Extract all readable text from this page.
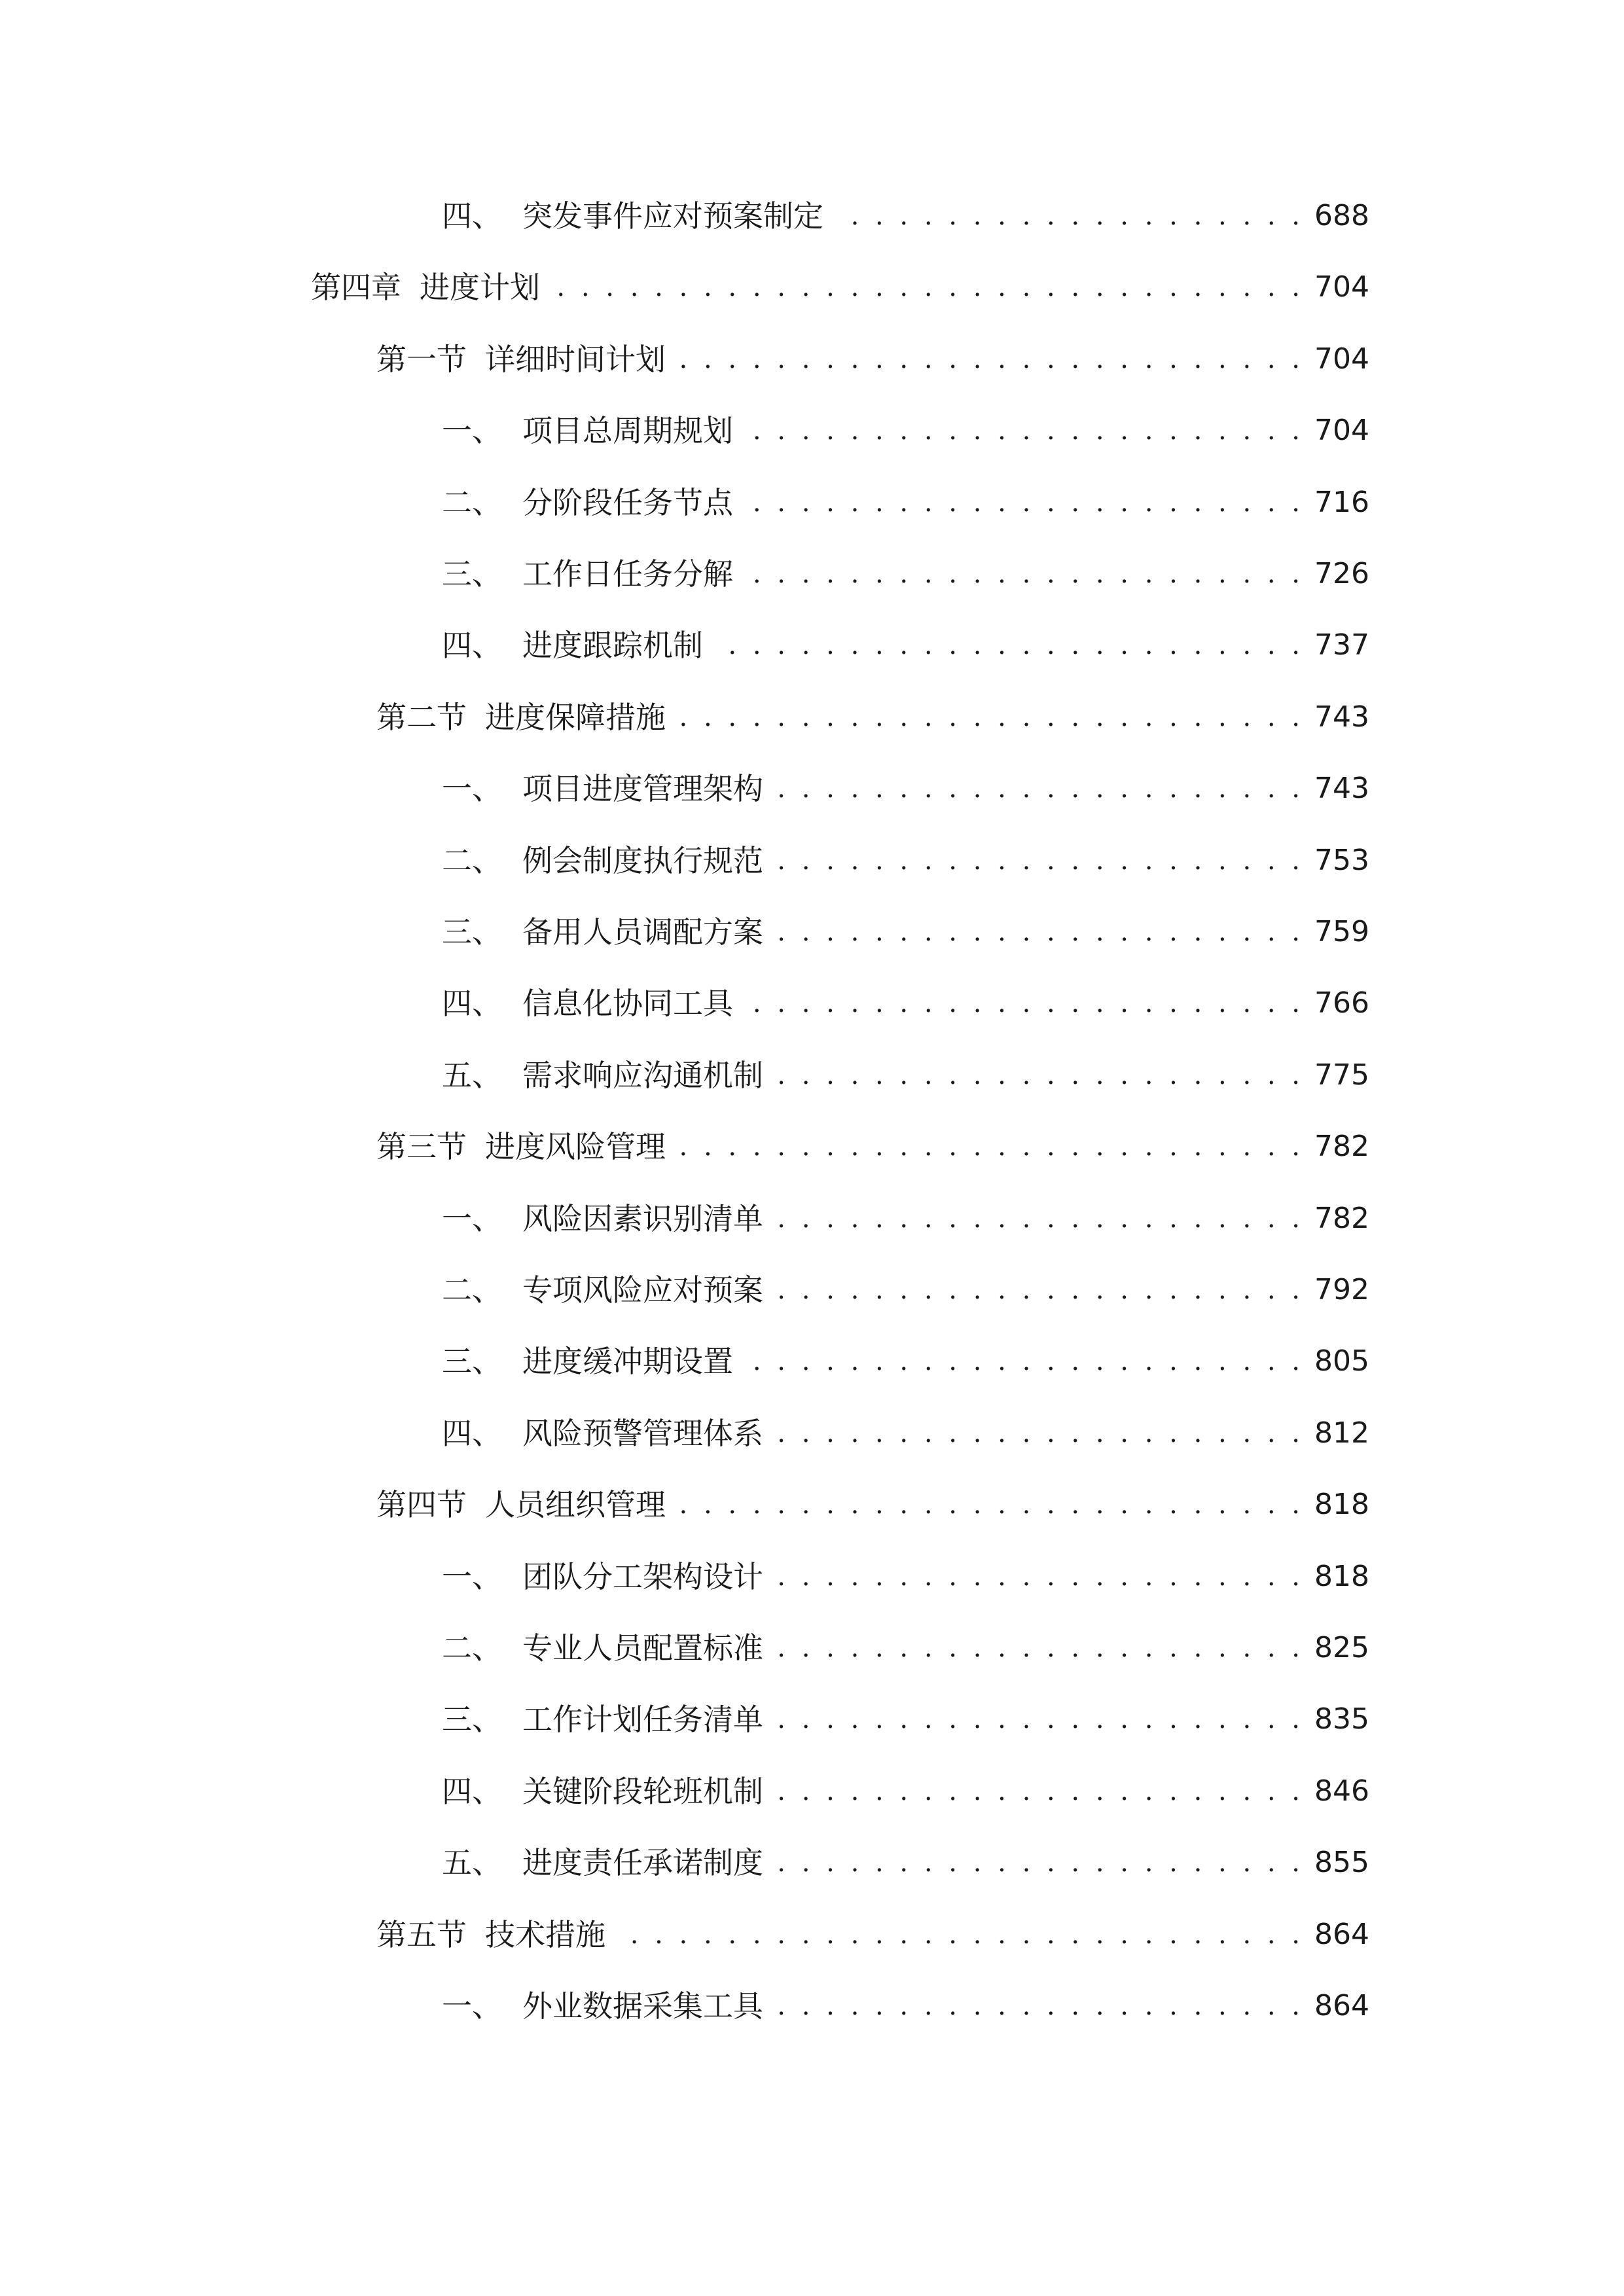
四、 突发事件应对预案制定 . . .	688
第四章 进度计划 . . .	704
第一节 详细时间计划 . . .	704
一、 项目总周期规划 . . .	704
二、 分阶段任务节点 . . .	716
三、 工作日任务分解 . . .	726
四、 进度跟踪机制 . . .	737
第二节 进度保障措施 . . .	743
一、 项目进度管理架构 . . .	743
二、 例会制度执行规范 . . .	753
三、 备用人员调配方案 . . .	759
四、 信息化协同工具 . . .	766
五、 需求响应沟通机制 . . .	775
第三节 进度风险管理 . . .	782
一、 风险因素识别清单 . . .	782
二、 专项风险应对预案 . . .	792
三、 进度缓冲期设置 . . .	805
四、 风险预警管理体系 . . .	812
第四节 人员组织管理 . . .	818
一、 团队分工架构设计 . . .	818
二、 专业人员配置标准 . . .	825
三、 工作计划任务清单 . . .	835
四、 关键阶段轮班机制 . . .	846
五、 进度责任承诺制度 . . .	855
第五节 技术措施 . . .	864
一、 外业数据采集工具 . . .	864
